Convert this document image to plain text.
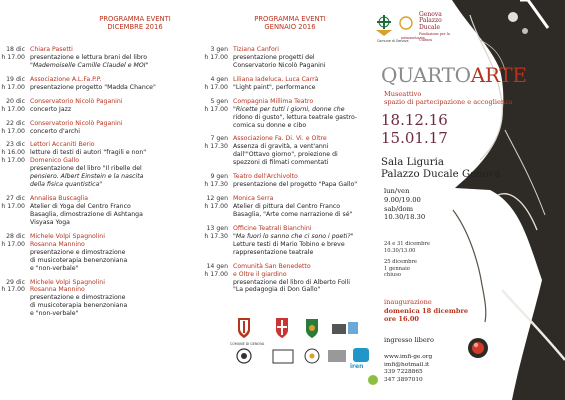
PROGRAMMA EVENTI
DICEMBRE 2016
18 dic
h 17.00
Chiara Pasetti
presentazione e lettura brani del libro
"Mademoiselle Camille Claudel e MOI"
19 dic
h 17.00
Associazione A.L.Fa.P.P.
presentazione progetto "Madda Chance"
20 dic
h 17.00
Conservatorio Nicolò Paganini
concerto Jazz
22 dic
h 17.00
Conservatorio Nicolò Paganini
concerto d'archi
23 dic
h 16.00
h 17.00
Lettori Accaniti Berio
letture di testi di autori "fragili e non"
Domenico Gallo
presentazione del libro "Il ribelle del
pensiero. Albert Einstein e la nascita
della fisica quantistica"
27 dic
h 17.00
Annalisa Buscaglia
Atelier di Yoga del Centro Franco
Basaglia, dimostrazione di Ashtanga
Visyasa Yoga
28 dic
h 17.00
Michele Volpi Spagnolini
Rosanna Mannino
presentazione e dimostrazione
di musicoterapia benenzoniana
e "non-verbale"
29 dic
h 17.00
Michele Volpi Spagnolini
Rosanna Mannino
presentazione e dimostrazione
di musicoterapia benenzoniana
e "non-verbale"
PROGRAMMA EVENTI
GENNAIO 2016
3 gen
h 17.00
Tiziana Canfori
presentazione progetti del
Conservatorio Nicolò Paganini
4 gen
h 17.00
Liliana Iadeluca, Luca Carrà
"Light paint", performance
5 gen
h 17.00
Compagnia Millima Teatro
"Ricette per tutti i giorni, donne che
ridono di gusto", lettura teatrale gastro-
comica su donne e cibo
7 gen
h 17.30
Associazione Fa. Di. Vi. e Oltre
Assenza di gravità, a vent'anni
dall'"Ottavo giorno", proiezione di
spezzoni di filmati commentati
9 gen
h 17.30
Teatro dell'Archivolto
presentazione del progetto "Papa Gallo"
12 gen
h 17.00
Monica Serra
Atelier di pittura del Centro Franco
Basaglia, "Arte come narrazione di sé"
13 gen
h 17.30
Officine Teatrali Bianchini
"Ma fuori lo sanno che ci sono i poeti?"
Letture testi di Mario Tobino e breve
rappresentazione teatrale
14 gen
h 17.00
Comunità San Benedetto
e Oltre il giardino
presentazione del libro di Alberto Folli
"La pedagogia di Don Gallo"
Comune di Genova
palazzoducale
Genova Palazzo Ducale
Fondazione per la Cultura
QUARTOARTE
Museattivo
spazio di partecipazione e accoglienza
18.12.16
15.01.17
Sala Liguria
Palazzo Ducale Genova
lun/ven
9.00/19.00
sab/dom
10.30/18.30
24 e 31 dicembre
10.30/13.00
25 dicembre
1 gennaio
chiuso
inaugurazione
domenica 18 dicembre
ore 16.00
ingresso libero
www.imfi-ge.org
imfi@hotmail.it
339 7228865
347 3897010
COMUNE DI GENOVA
iren
